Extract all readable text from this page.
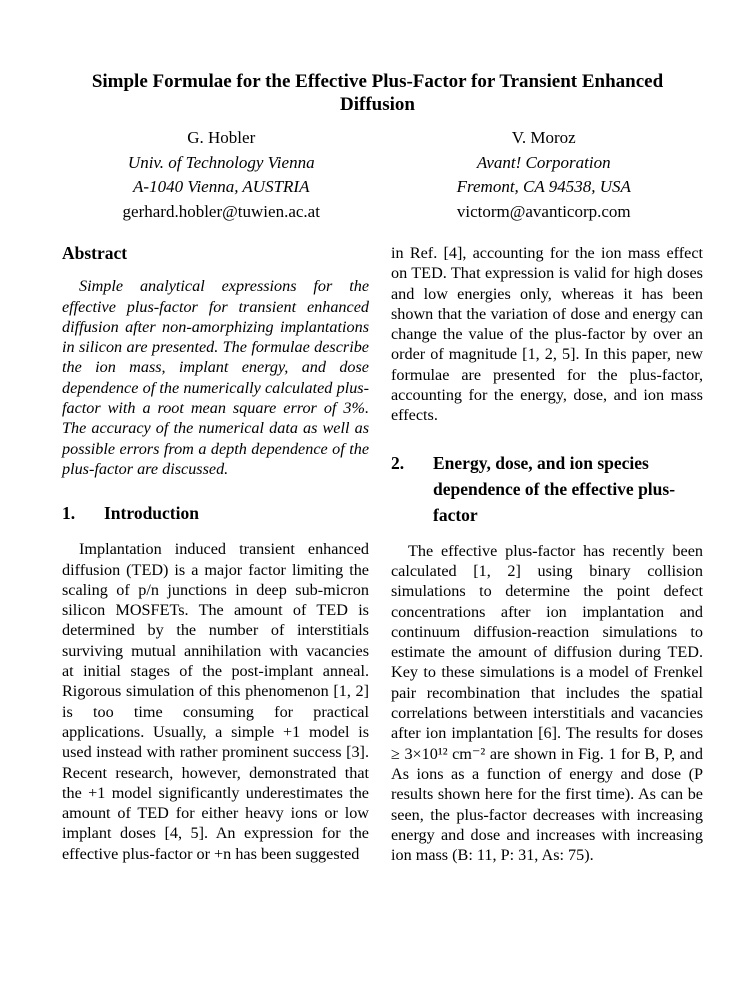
Simple Formulae for the Effective Plus-Factor for Transient Enhanced Diffusion
G. Hobler
Univ. of Technology Vienna
A-1040 Vienna, AUSTRIA
gerhard.hobler@tuwien.ac.at
V. Moroz
Avant! Corporation
Fremont, CA 94538, USA
victorm@avanticorp.com
Abstract

Simple analytical expressions for the effective plus-factor for transient enhanced diffusion after non-amorphizing implantations in silicon are presented. The formulae describe the ion mass, implant energy, and dose dependence of the numerically calculated plus-factor with a root mean square error of 3%. The accuracy of the numerical data as well as possible errors from a depth dependence of the plus-factor are discussed.

1.	Introduction

Implantation induced transient enhanced diffusion (TED) is a major factor limiting the scaling of p/n junctions in deep sub-micron silicon MOSFETs. The amount of TED is determined by the number of interstitials surviving mutual annihilation with vacancies at initial stages of the post-implant anneal. Rigorous simulation of this phenomenon [1, 2] is too time consuming for practical applications. Usually, a simple +1 model is used instead with rather prominent success [3]. Recent research, however, demonstrated that the +1 model significantly underestimates the amount of TED for either heavy ions or low implant doses [4, 5]. An expression for the effective plus-factor or +n has been suggested

in Ref. [4], accounting for the ion mass effect on TED. That expression is valid for high doses and low energies only, whereas it has been shown that the variation of dose and energy can change the value of the plus-factor by over an order of magnitude [1, 2, 5]. In this paper, new formulae are presented for the plus-factor, accounting for the energy, dose, and ion mass effects.

2.	Energy, dose, and ion species dependence of the effective plus-factor

The effective plus-factor has recently been calculated [1, 2] using binary collision simulations to determine the point defect concentrations after ion implantation and continuum diffusion-reaction simulations to estimate the amount of diffusion during TED. Key to these simulations is a model of Frenkel pair recombination that includes the spatial correlations between interstitials and vacancies after ion implantation [6]. The results for doses ≥ 3×10¹² cm⁻² are shown in Fig. 1 for B, P, and As ions as a function of energy and dose (P results shown here for the first time). As can be seen, the plus-factor decreases with increasing energy and dose and increases with increasing ion mass (B: 11, P: 31, As: 75).
